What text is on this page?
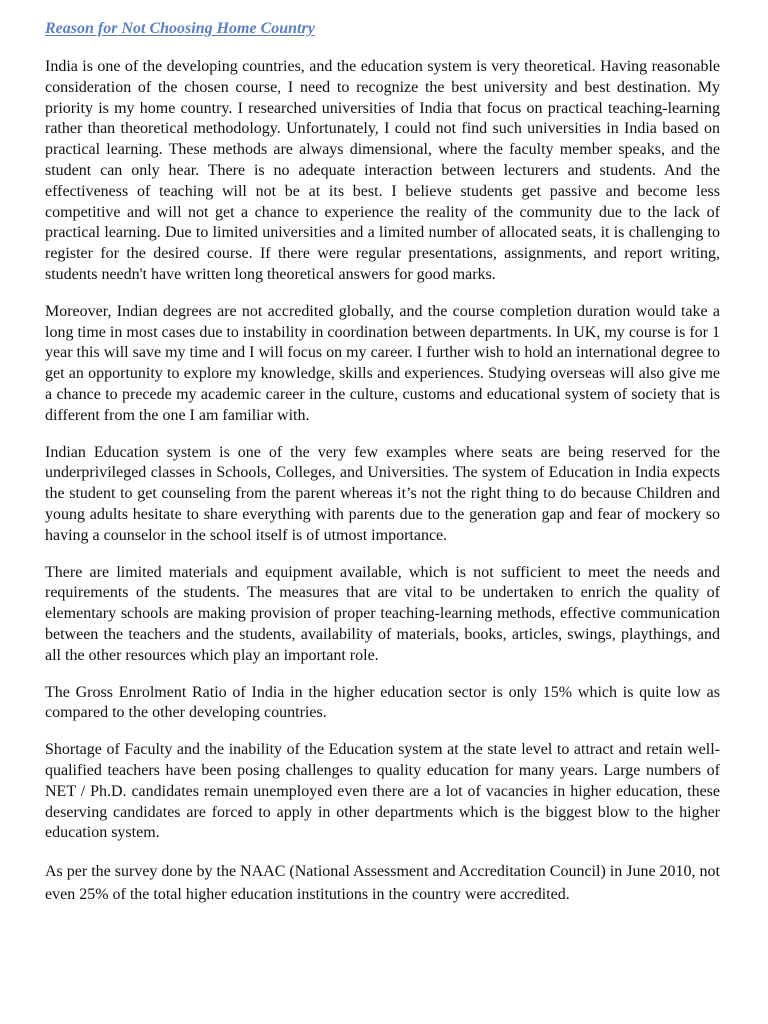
Reason for Not Choosing Home Country

India is one of the developing countries, and the education system is very theoretical. Having reasonable consideration of the chosen course, I need to recognize the best university and best destination. My priority is my home country. I researched universities of India that focus on practical teaching-learning rather than theoretical methodology. Unfortunately, I could not find such universities in India based on practical learning. These methods are always dimensional, where the faculty member speaks, and the student can only hear. There is no adequate interaction between lecturers and students. And the effectiveness of teaching will not be at its best. I believe students get passive and become less competitive and will not get a chance to experience the reality of the community due to the lack of practical learning. Due to limited universities and a limited number of allocated seats, it is challenging to register for the desired course. If there were regular presentations, assignments, and report writing, students needn't have written long theoretical answers for good marks.

Moreover, Indian degrees are not accredited globally, and the course completion duration would take a long time in most cases due to instability in coordination between departments. In UK, my course is for 1 year this will save my time and I will focus on my career. I further wish to hold an international degree to get an opportunity to explore my knowledge, skills and experiences. Studying overseas will also give me a chance to precede my academic career in the culture, customs and educational system of society that is different from the one I am familiar with.

Indian Education system is one of the very few examples where seats are being reserved for the underprivileged classes in Schools, Colleges, and Universities. The system of Education in India expects the student to get counseling from the parent whereas it’s not the right thing to do because Children and young adults hesitate to share everything with parents due to the generation gap and fear of mockery so having a counselor in the school itself is of utmost importance.

There are limited materials and equipment available, which is not sufficient to meet the needs and requirements of the students. The measures that are vital to be undertaken to enrich the quality of elementary schools are making provision of proper teaching-learning methods, effective communication between the teachers and the students, availability of materials, books, articles, swings, playthings, and all the other resources which play an important role.

The Gross Enrolment Ratio of India in the higher education sector is only 15% which is quite low as compared to the other developing countries.

Shortage of Faculty and the inability of the Education system at the state level to attract and retain well-qualified teachers have been posing challenges to quality education for many years. Large numbers of NET / Ph.D. candidates remain unemployed even there are a lot of vacancies in higher education, these deserving candidates are forced to apply in other departments which is the biggest blow to the higher education system.

As per the survey done by the NAAC (National Assessment and Accreditation Council) in June 2010, not even 25% of the total higher education institutions in the country were accredited.
